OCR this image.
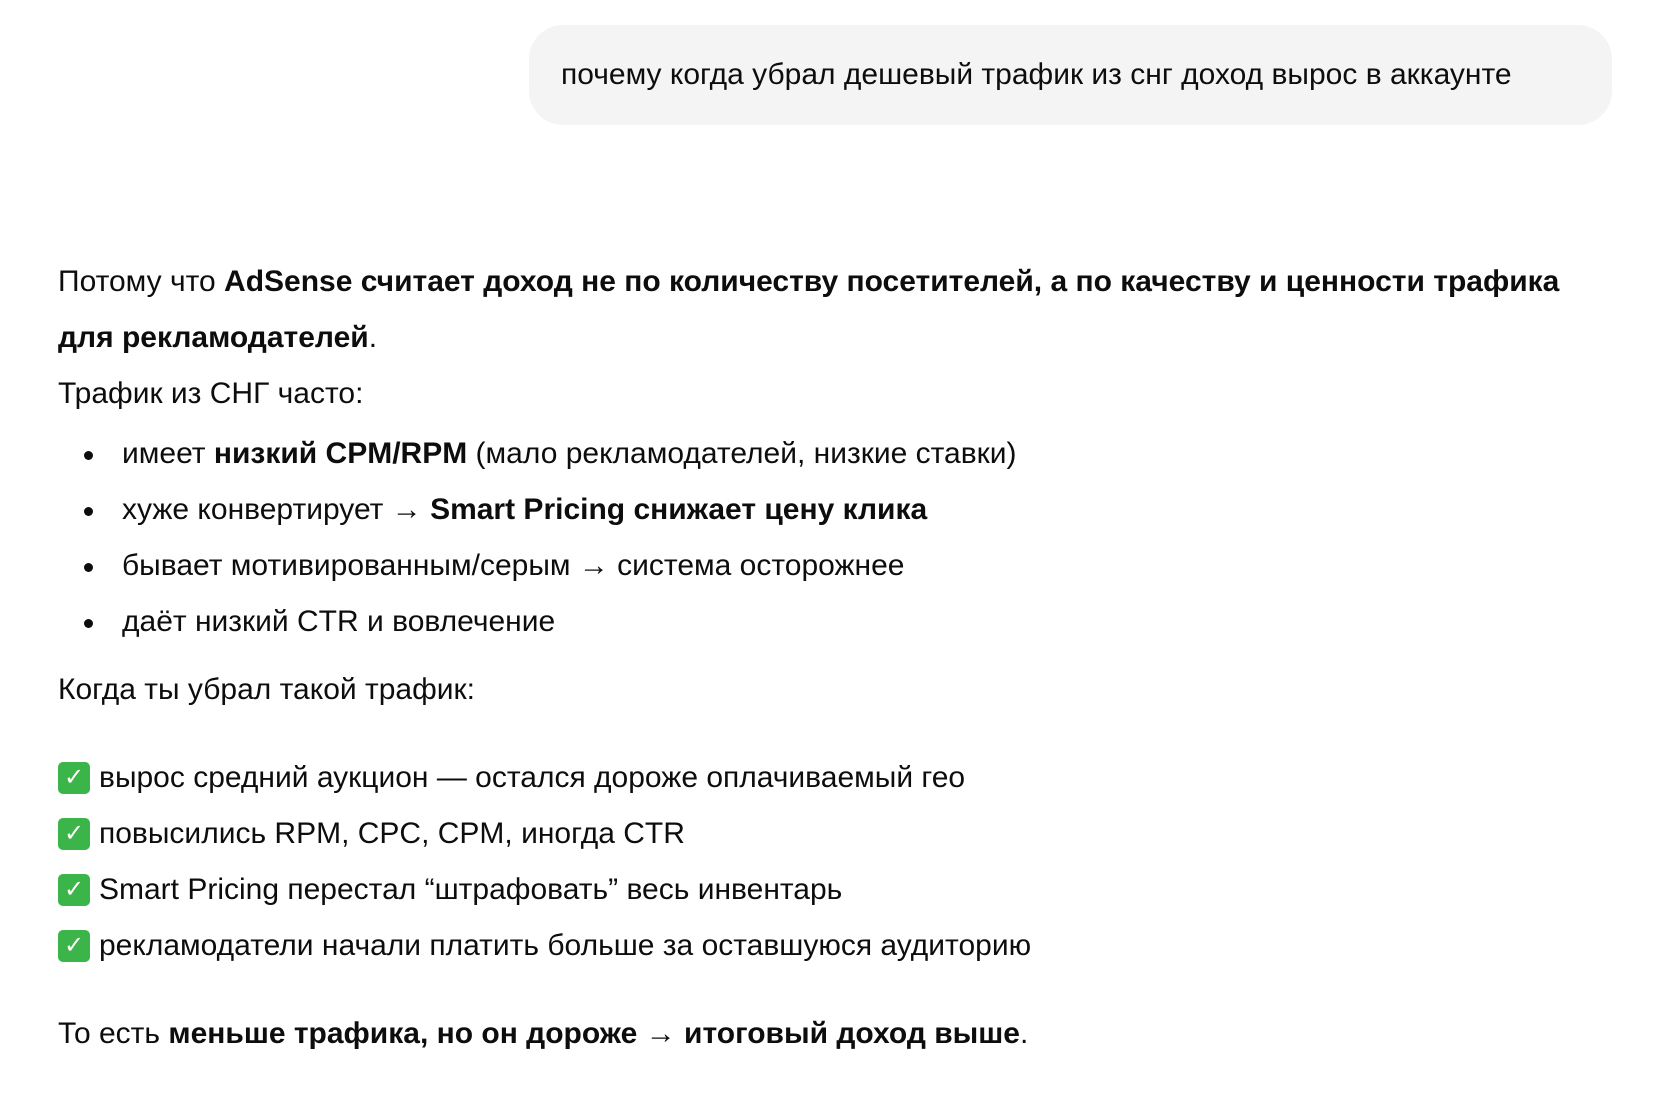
почему когда убрал дешевый трафик из снг доход вырос в аккаунте

Потому что AdSense считает доход не по количеству посетителей, а по качеству и ценности трафика для рекламодателей.

Трафик из СНГ часто:

имеет низкий CPM/RPM (мало рекламодателей, низкие ставки)
хуже конвертирует → Smart Pricing снижает цену клика
бывает мотивированным/серым → система осторожнее
даёт низкий CTR и вовлечение

Когда ты убрал такой трафик:

✓ вырос средний аукцион — остался дороже оплачиваемый гео
✓ повысились RPM, CPC, CPM, иногда CTR
✓ Smart Pricing перестал “штрафовать” весь инвентарь
✓ рекламодатели начали платить больше за оставшуюся аудиторию

То есть меньше трафика, но он дороже → итоговый доход выше.
